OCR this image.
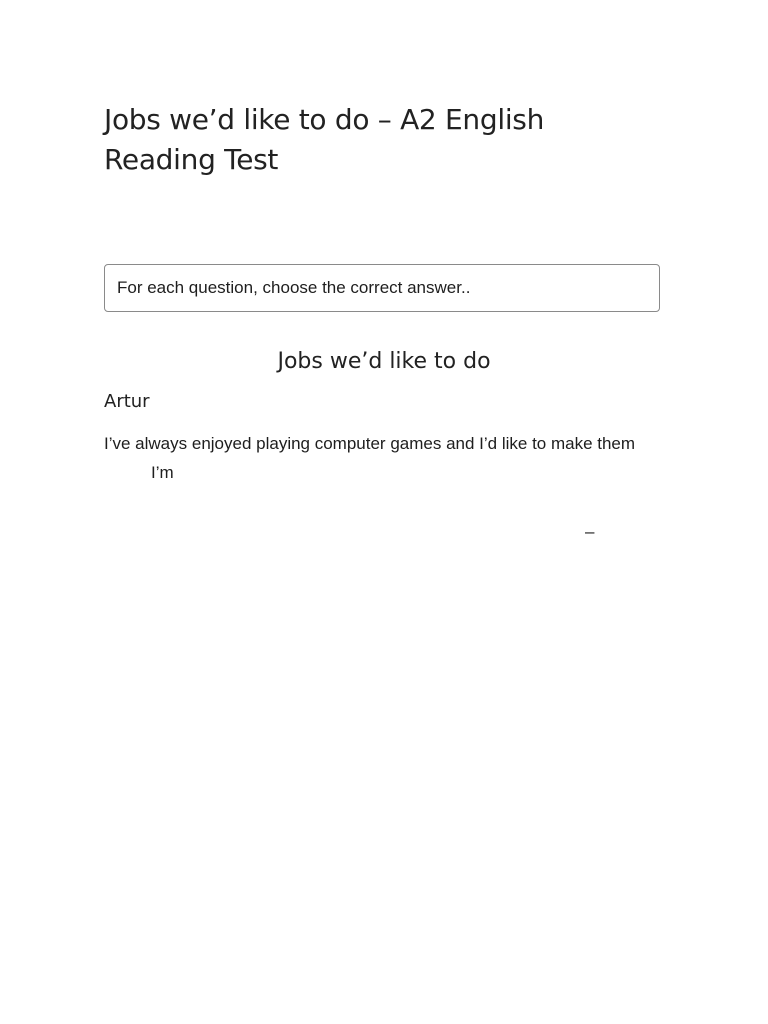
Jobs we’d like to do – A2 English Reading Test
For each question, choose the correct answer..
Jobs we’d like to do
Artur

I’ve always enjoyed playing computer games and I’d like to make them

I’m

–
